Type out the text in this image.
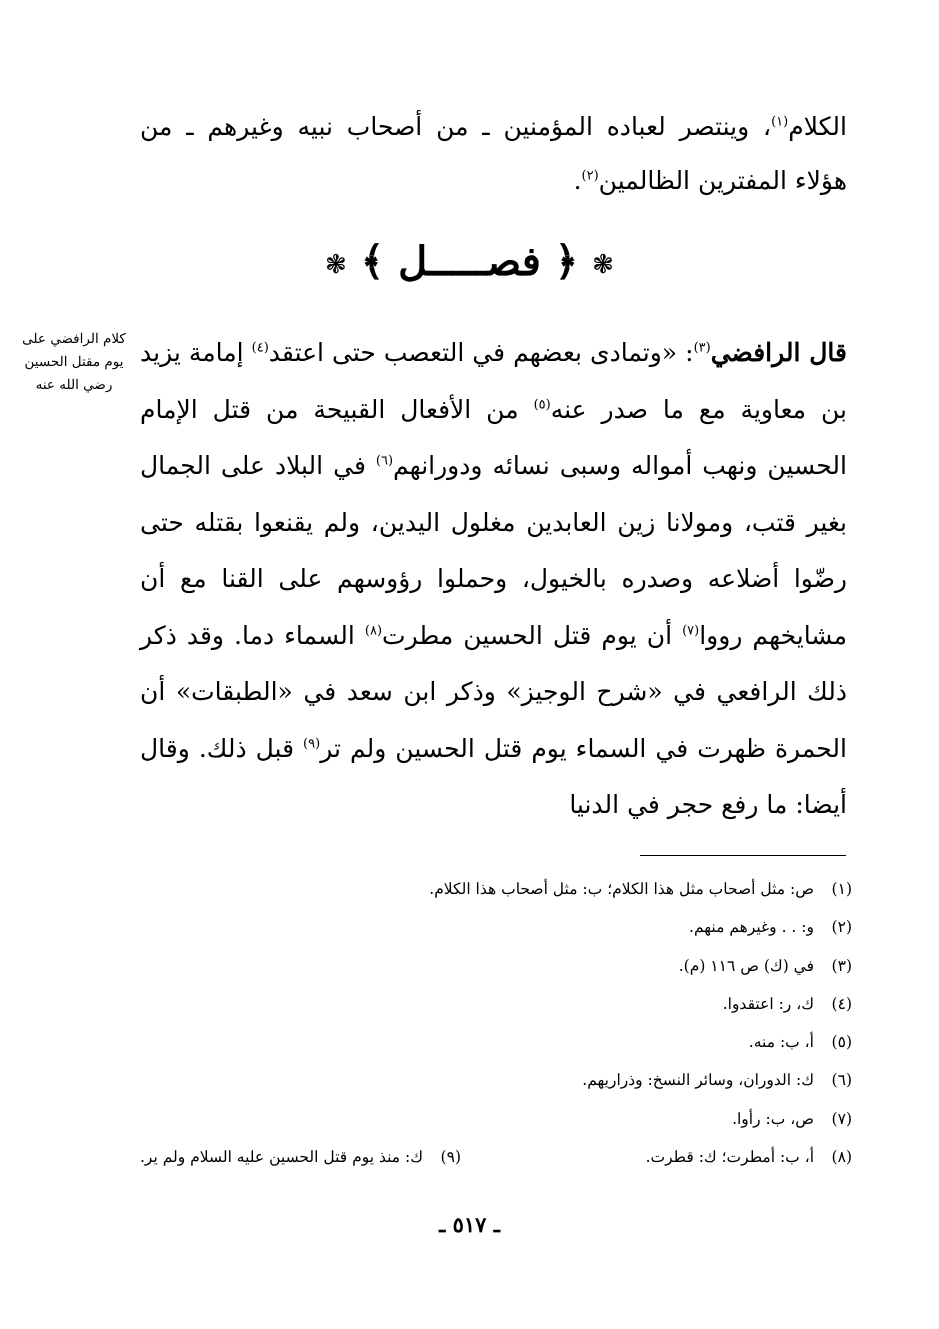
الكلام$^{(١)}$، وينتصر لعباده المؤمنين ـ من أصحاب نبيه وغيرهم ـ من هؤلاء المفترين الظالمين$^{(٢)}$.

❃ ﴿ فصـــــل ﴾ ❃
كلام الرافضي على يوم مقتل الحسين رضي الله عنه

قال الرافضي$^{(٣)}$: «وتمادى بعضهم في التعصب حتى اعتقد$^{(٤)}$ إمامة يزيد بن معاوية مع ما صدر عنه$^{(٥)}$ من الأفعال القبيحة من قتل الإمام الحسين ونهب أمواله وسبى نسائه ودورانهم$^{(٦)}$ في البلاد على الجمال بغير قتب، ومولانا زين العابدين مغلول اليدين، ولم يقنعوا بقتله حتى رضّوا أضلاعه وصدره بالخيول، وحملوا رؤوسهم على القنا مع أن مشايخهم رووا$^{(٧)}$ أن يوم قتل الحسين مطرت$^{(٨)}$ السماء دما. وقد ذكر ذلك الرافعي في «شرح الوجيز» وذكر ابن سعد في «الطبقات» أن الحمرة ظهرت في السماء يوم قتل الحسين ولم تر$^{(٩)}$ قبل ذلك. وقال أيضا: ما رفع حجر في الدنيا

(١)ص: مثل أصحاب مثل هذا الكلام؛ ب: مثل أصحاب هذا الكلام.
(٢)و: . . وغيرهم منهم.
(٣)في (ك) ص ١١٦ (م).
(٤)ك، ر: اعتقدوا.
(٥)أ، ب: منه.
(٦)ك: الدوران، وسائر النسخ: وذراريهم.
(٧)ص، ب: رأوا.
(٨)أ، ب: أمطرت؛ ك: قطرت.
(٩)ك: منذ يوم قتل الحسين عليه السلام ولم ير.
ـ ٥١٧ ـ
